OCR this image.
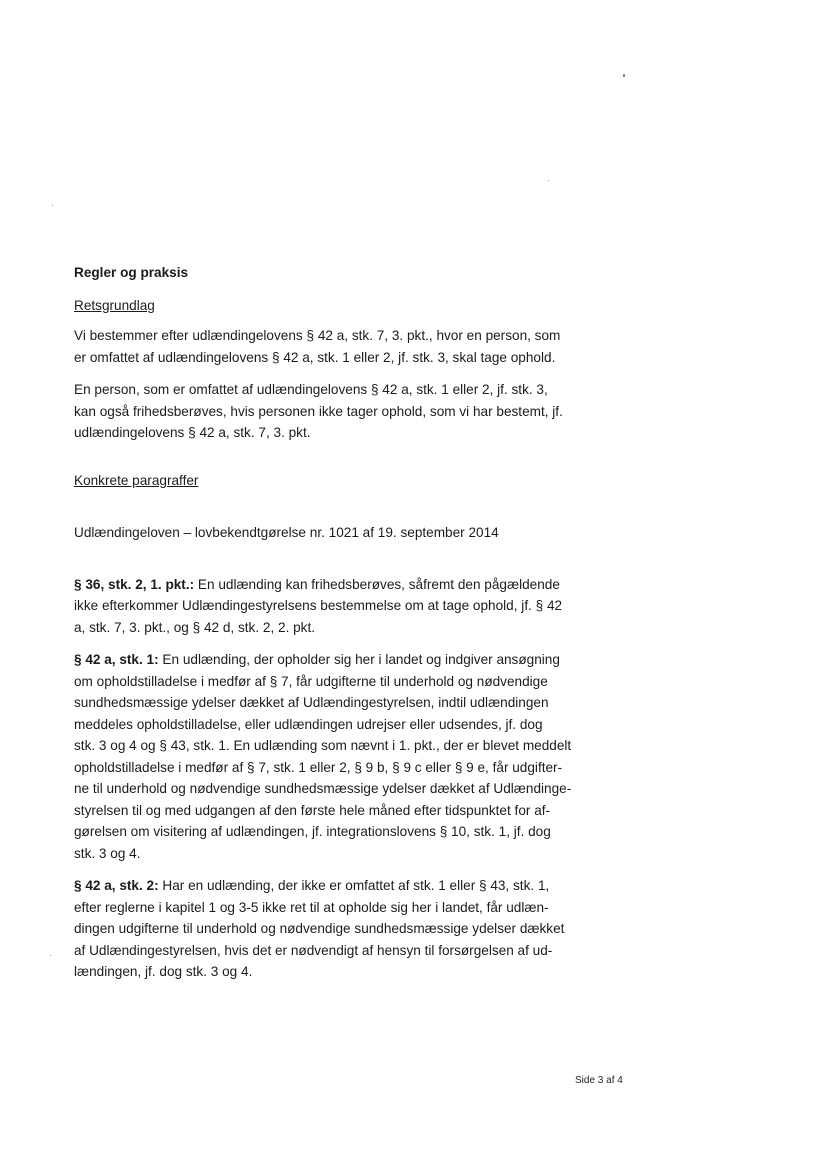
Regler og praksis
Retsgrundlag
Vi bestemmer efter udlændingelovens § 42 a, stk. 7, 3. pkt., hvor en person, som
er omfattet af udlændingelovens § 42 a, stk. 1 eller 2, jf. stk. 3, skal tage ophold.
En person, som er omfattet af udlændingelovens § 42 a, stk. 1 eller 2, jf. stk. 3,
kan også frihedsberøves, hvis personen ikke tager ophold, som vi har bestemt, jf.
udlændingelovens § 42 a, stk. 7, 3. pkt.
Konkrete paragraffer
Udlændingeloven – lovbekendtgørelse nr. 1021 af 19. september 2014
§ 36, stk. 2, 1. pkt.: En udlænding kan frihedsberøves, såfremt den pågældende
ikke efterkommer Udlændingestyrelsens bestemmelse om at tage ophold, jf. § 42
a, stk. 7, 3. pkt., og § 42 d, stk. 2, 2. pkt.
§ 42 a, stk. 1: En udlænding, der opholder sig her i landet og indgiver ansøgning
om opholdstilladelse i medfør af § 7, får udgifterne til underhold og nødvendige
sundhedsmæssige ydelser dækket af Udlændingestyrelsen, indtil udlændingen
meddeles opholdstilladelse, eller udlændingen udrejser eller udsendes, jf. dog
stk. 3 og 4 og § 43, stk. 1. En udlænding som nævnt i 1. pkt., der er blevet meddelt
opholdstilladelse i medfør af § 7, stk. 1 eller 2, § 9 b, § 9 c eller § 9 e, får udgifter-
ne til underhold og nødvendige sundhedsmæssige ydelser dækket af Udlændinge-
styrelsen til og med udgangen af den første hele måned efter tidspunktet for af-
gørelsen om visitering af udlændingen, jf. integrationslovens § 10, stk. 1, jf. dog
stk. 3 og 4.
§ 42 a, stk. 2: Har en udlænding, der ikke er omfattet af stk. 1 eller § 43, stk. 1,
efter reglerne i kapitel 1 og 3-5 ikke ret til at opholde sig her i landet, får udlæn-
dingen udgifterne til underhold og nødvendige sundhedsmæssige ydelser dækket
af Udlændingestyrelsen, hvis det er nødvendigt af hensyn til forsørgelsen af ud-
lændingen, jf. dog stk. 3 og 4.
Side 3 af 4
